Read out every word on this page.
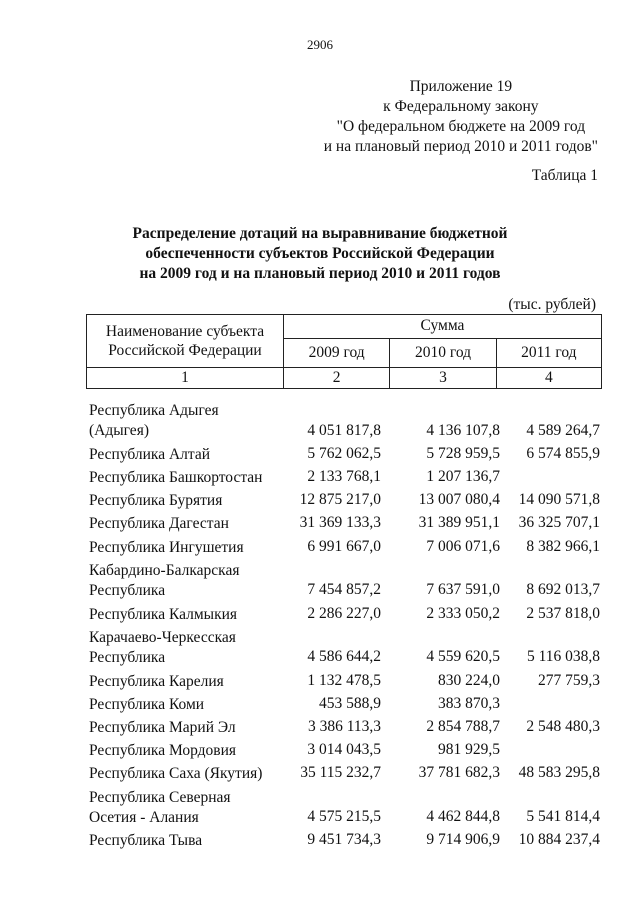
2906
Приложение 19
к Федеральному закону
"О федеральном бюджете на 2009 год
и на плановый период 2010 и 2011 годов"
Таблица 1
Распределение дотаций на выравнивание бюджетной
обеспеченности субъектов Российской Федерации
на 2009 год и на плановый период 2010 и 2011 годов
(тыс. рублей)
Наименование субъекта
Российской Федерации	Сумма		
	2009 год	2010 год	2011 год
1	2	3	4
Республика Адыгея
(Адыгея)	4 051 817,8	4 136 107,8	4 589 264,7
Республика Алтай	5 762 062,5	5 728 959,5	6 574 855,9
Республика Башкортостан	2 133 768,1	1 207 136,7
Республика Бурятия	12 875 217,0	13 007 080,4	14 090 571,8
Республика Дагестан	31 369 133,3	31 389 951,1	36 325 707,1
Республика Ингушетия	6 991 667,0	7 006 071,6	8 382 966,1
Кабардино-Балкарская
Республика	7 454 857,2	7 637 591,0	8 692 013,7
Республика Калмыкия	2 286 227,0	2 333 050,2	2 537 818,0
Карачаево-Черкесская
Республика	4 586 644,2	4 559 620,5	5 116 038,8
Республика Карелия	1 132 478,5	830 224,0	277 759,3
Республика Коми	453 588,9	383 870,3
Республика Марий Эл	3 386 113,3	2 854 788,7	2 548 480,3
Республика Мордовия	3 014 043,5	981 929,5
Республика Саха (Якутия)	35 115 232,7	37 781 682,3	48 583 295,8
Республика Северная
Осетия - Алания	4 575 215,5	4 462 844,8	5 541 814,4
Республика Тыва	9 451 734,3	9 714 906,9	10 884 237,4
